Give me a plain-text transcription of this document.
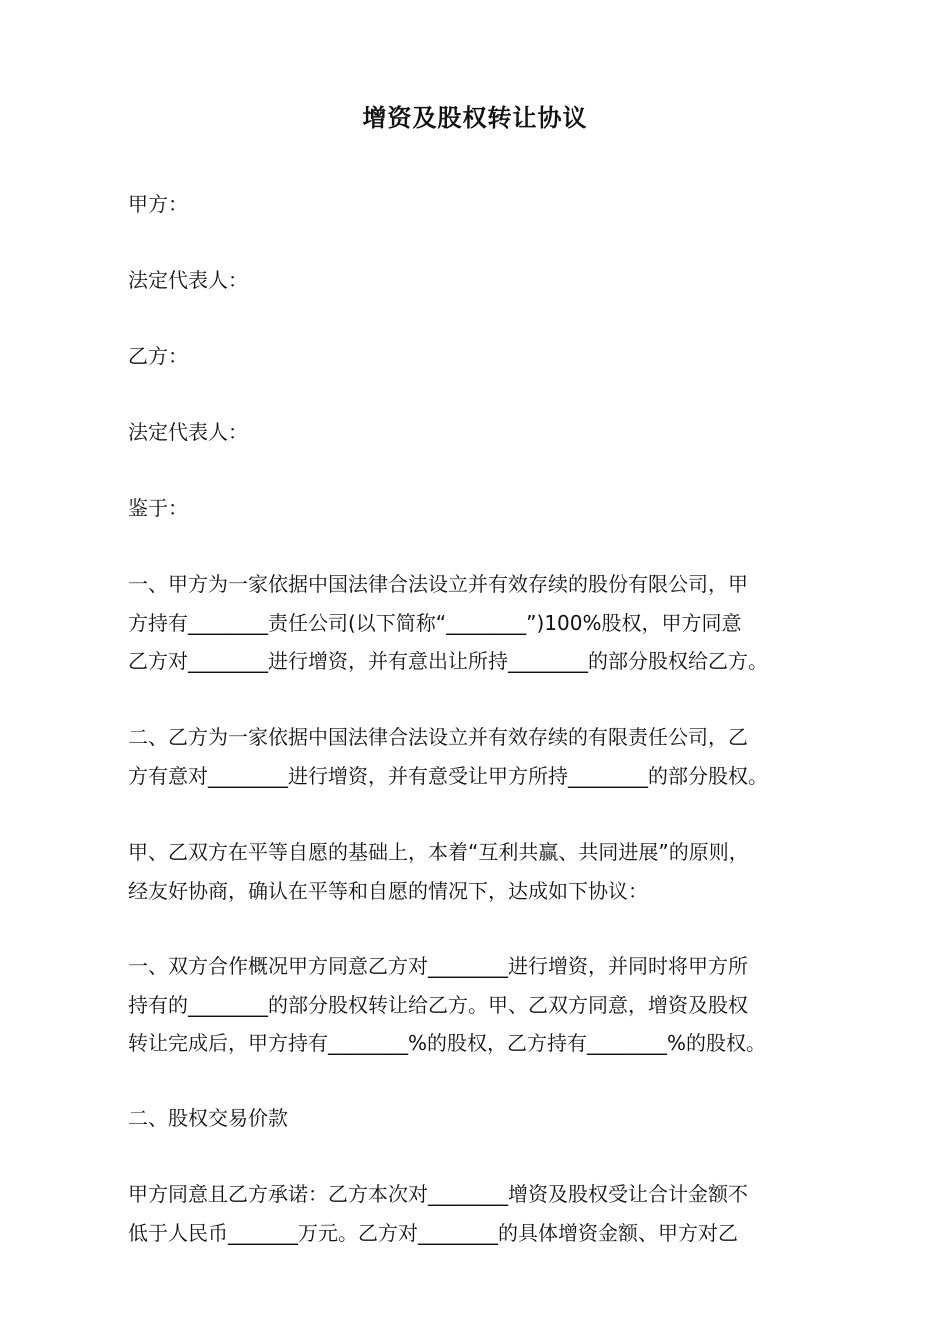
增资及股权转让协议

甲方：

法定代表人：

乙方：

法定代表人：

鉴于：

一、甲方为一家依据中国法律合法设立并有效存续的股份有限公司，甲
方持有________责任公司(以下简称“________”)100%股权，甲方同意
乙方对________进行增资，并有意出让所持________的部分股权给乙方。
二、乙方为一家依据中国法律合法设立并有效存续的有限责任公司，乙
方有意对________进行增资，并有意受让甲方所持________的部分股权。
甲、乙双方在平等自愿的基础上，本着“互利共赢、共同进展”的原则，
经友好协商，确认在平等和自愿的情况下，达成如下协议：
一、双方合作概况甲方同意乙方对________进行增资，并同时将甲方所
持有的________的部分股权转让给乙方。甲、乙双方同意，增资及股权
转让完成后，甲方持有________%的股权，乙方持有________%的股权。

二、股权交易价款

甲方同意且乙方承诺：乙方本次对________增资及股权受让合计金额不
低于人民币_______万元。乙方对________的具体增资金额、甲方对乙
